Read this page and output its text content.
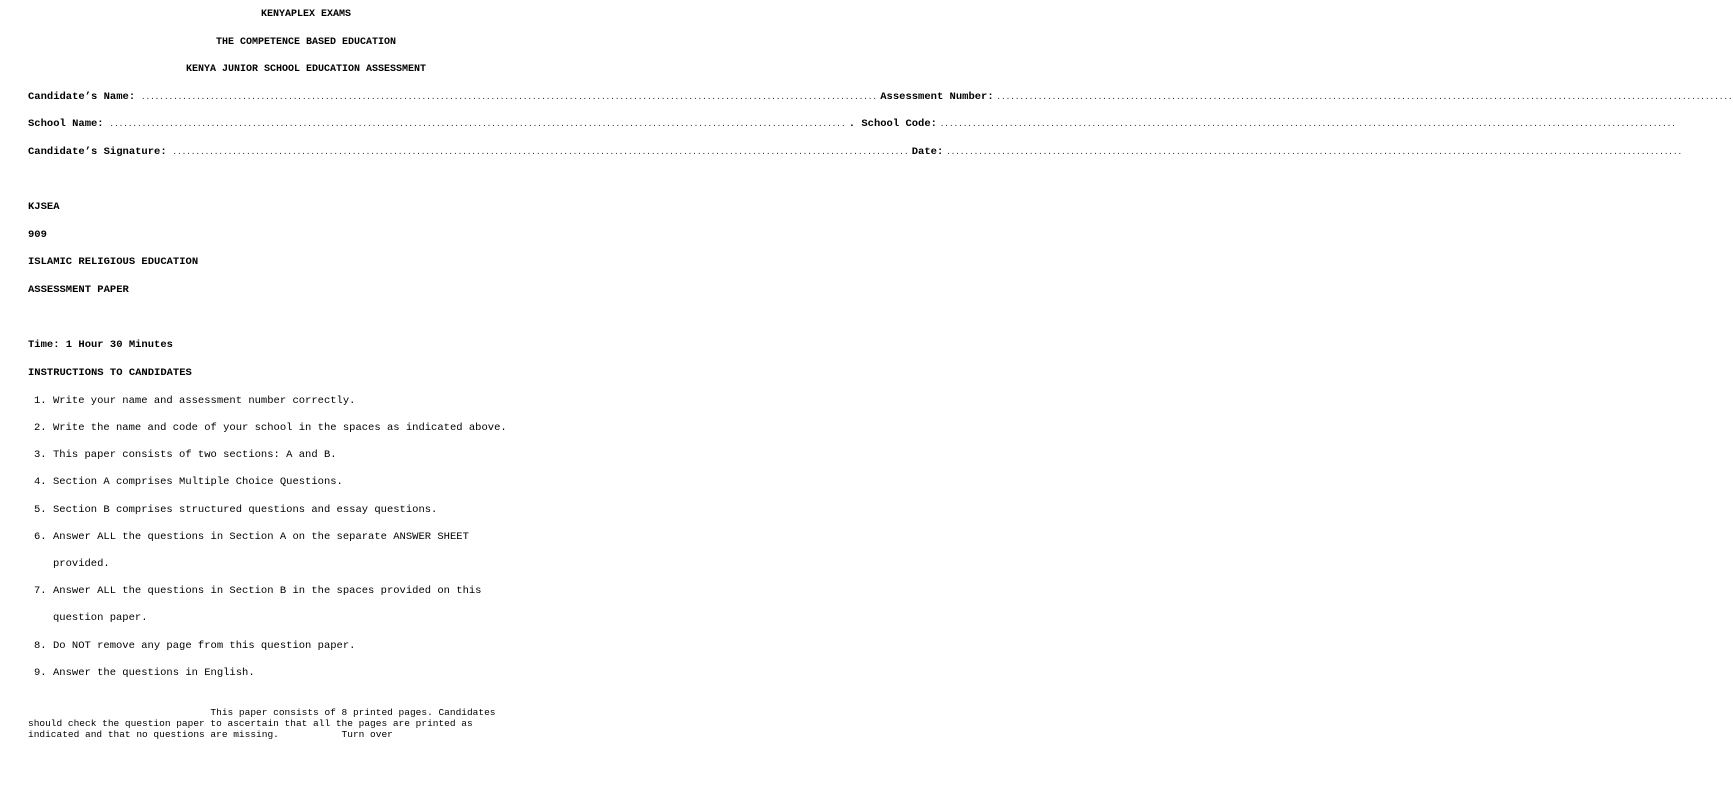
KENYAPLEX EXAMS
THE COMPETENCE BASED EDUCATION
KENYA JUNIOR SCHOOL EDUCATION ASSESSMENT
Candidate’s Name: ................................................................................................................................................................ Assessment Number: ................................................................................................................................................................
School Name: ................................................................................................................................................................ . School Code: ................................................................................................................................................................
Candidate’s Signature: ................................................................................................................................................................ Date: ................................................................................................................................................................
KJSEA
909
ISLAMIC RELIGIOUS EDUCATION
ASSESSMENT PAPER
Time: 1 Hour 30 Minutes
INSTRUCTIONS TO CANDIDATES
1. Write your name and assessment number correctly.
2. Write the name and code of your school in the spaces as indicated above.
3. This paper consists of two sections: A and B.
4. Section A comprises Multiple Choice Questions.
5. Section B comprises structured questions and essay questions.
6. Answer ALL the questions in Section A on the separate ANSWER SHEET
provided.
7. Answer ALL the questions in Section B in the spaces provided on this
question paper.
8. Do NOT remove any page from this question paper.
9. Answer the questions in English.
This paper consists of 8 printed pages. Candidates
should check the question paper to ascertain that all the pages are printed as
indicated and that no questions are missing.           Turn over
